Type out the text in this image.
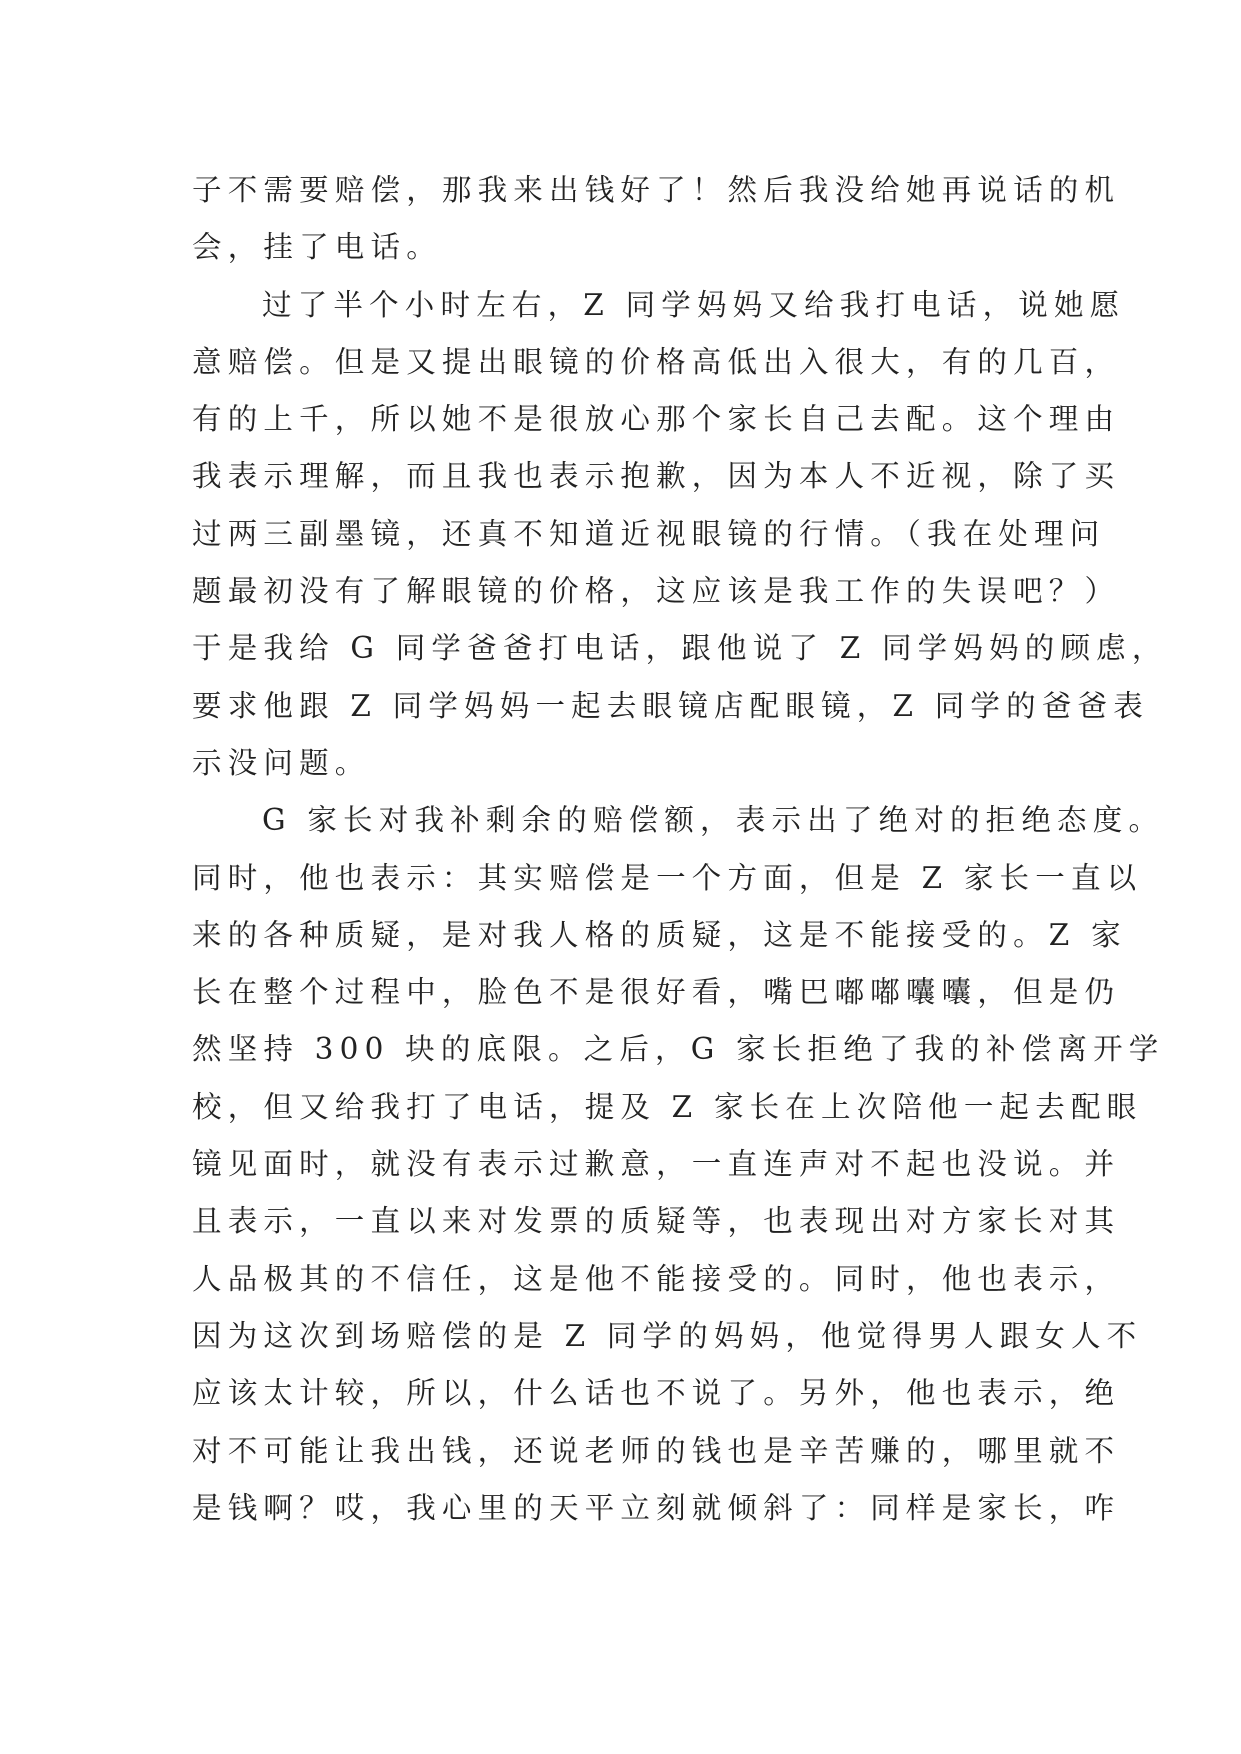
子不需要赔偿，那我来出钱好了！然后我没给她再说话的机
会，挂了电话。
过了半个小时左右，Z 同学妈妈又给我打电话，说她愿
意赔偿。但是又提出眼镜的价格高低出入很大，有的几百，
有的上千，所以她不是很放心那个家长自己去配。这个理由
我表示理解，而且我也表示抱歉，因为本人不近视，除了买
过两三副墨镜，还真不知道近视眼镜的行情。（我在处理问
题最初没有了解眼镜的价格，这应该是我工作的失误吧？）
于是我给 G 同学爸爸打电话，跟他说了 Z 同学妈妈的顾虑，
要求他跟 Z 同学妈妈一起去眼镜店配眼镜，Z 同学的爸爸表
示没问题。
G 家长对我补剩余的赔偿额，表示出了绝对的拒绝态度。
同时，他也表示：其实赔偿是一个方面，但是 Z 家长一直以
来的各种质疑，是对我人格的质疑，这是不能接受的。Z 家
长在整个过程中，脸色不是很好看，嘴巴嘟嘟囔囔，但是仍
然坚持 300 块的底限。之后，G 家长拒绝了我的补偿离开学
校，但又给我打了电话，提及 Z 家长在上次陪他一起去配眼
镜见面时，就没有表示过歉意，一直连声对不起也没说。并
且表示，一直以来对发票的质疑等，也表现出对方家长对其
人品极其的不信任，这是他不能接受的。同时，他也表示，
因为这次到场赔偿的是 Z 同学的妈妈，他觉得男人跟女人不
应该太计较，所以，什么话也不说了。另外，他也表示，绝
对不可能让我出钱，还说老师的钱也是辛苦赚的，哪里就不
是钱啊？哎，我心里的天平立刻就倾斜了：同样是家长，咋
